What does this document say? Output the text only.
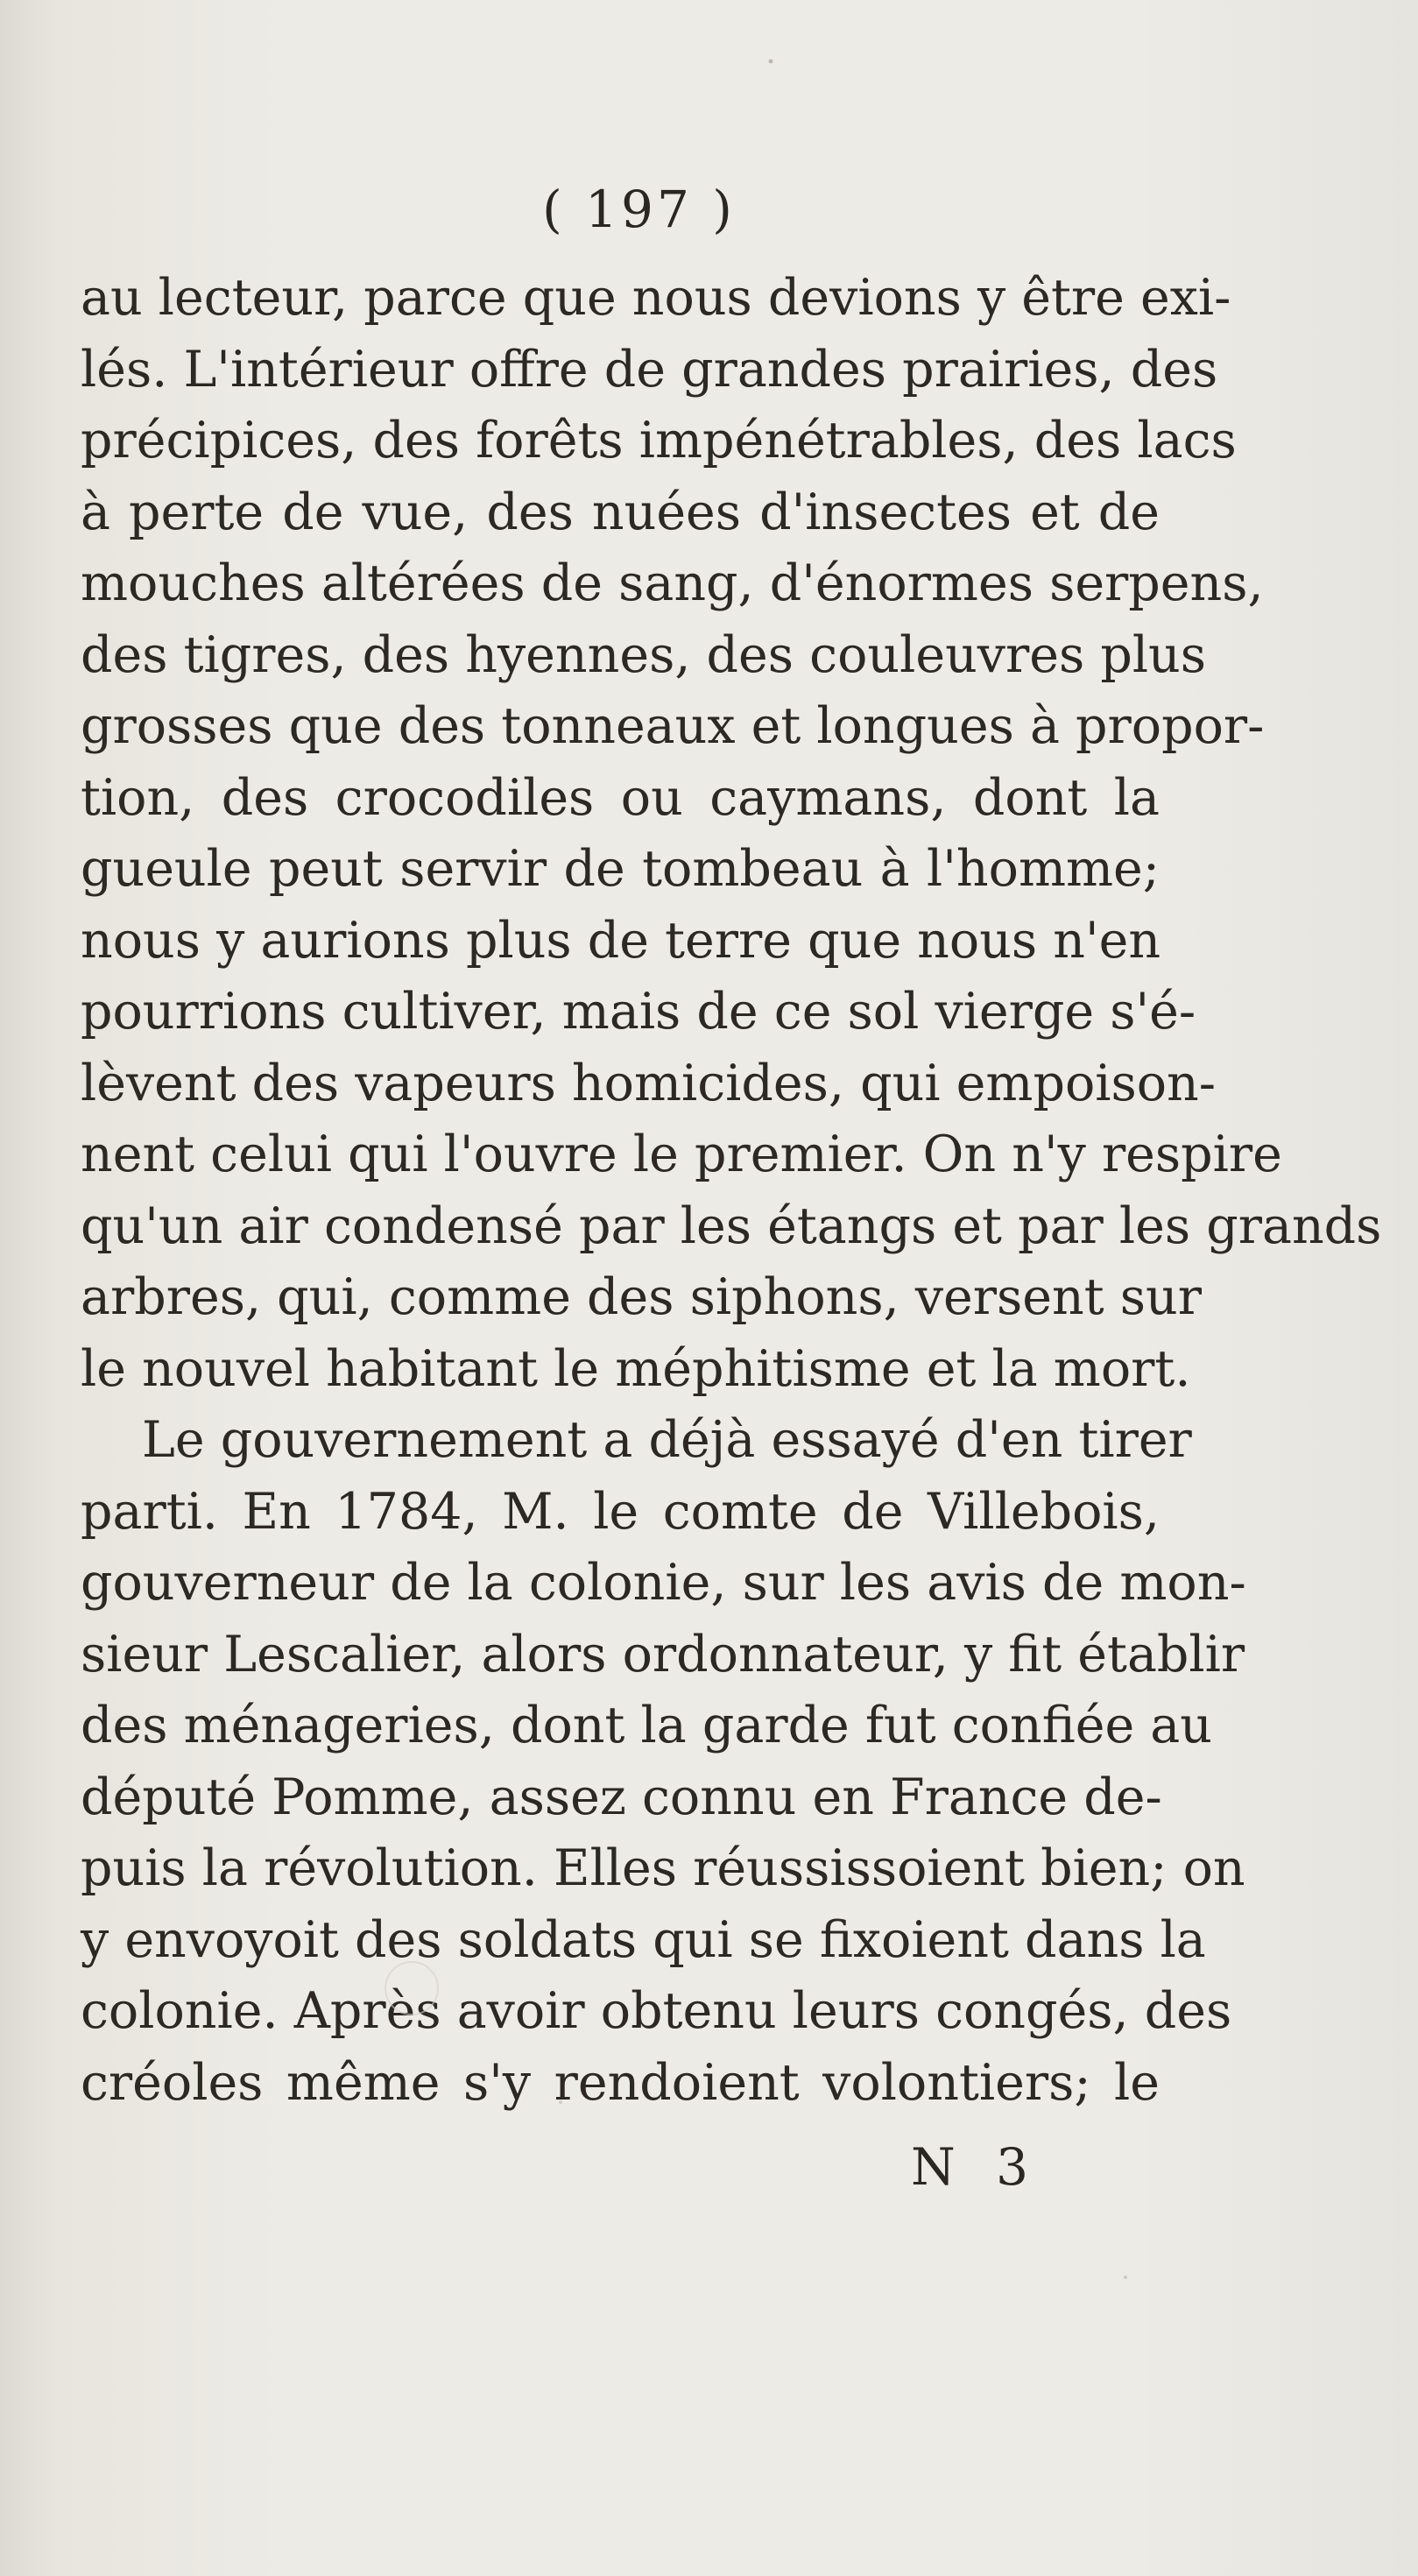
( 197 )
au lecteur, parce que nous devions y être exi-
lés. L'intérieur offre de grandes prairies, des
précipices, des forêts impénétrables, des lacs
à perte de vue, des nuées d'insectes et de
mouches altérées de sang, d'énormes serpens,
des tigres, des hyennes, des couleuvres plus
grosses que des tonneaux et longues à propor-
tion, des crocodiles ou caymans, dont la
gueule peut servir de tombeau à l'homme;
nous y aurions plus de terre que nous n'en
pourrions cultiver, mais de ce sol vierge s'é-
lèvent des vapeurs homicides, qui empoison-
nent celui qui l'ouvre le premier. On n'y respire
qu'un air condensé par les étangs et par les grands
arbres, qui, comme des siphons, versent sur
le nouvel habitant le méphitisme et la mort.
Le gouvernement a déjà essayé d'en tirer
parti. En 1784, M. le comte de Villebois,
gouverneur de la colonie, sur les avis de mon-
sieur Lescalier, alors ordonnateur, y fit établir
des ménageries, dont la garde fut confiée au
député Pomme, assez connu en France de-
puis la révolution. Elles réussissoient bien; on
y envoyoit des soldats qui se fixoient dans la
colonie. Après avoir obtenu leurs congés, des
créoles même s'y rendoient volontiers; le
N 3
